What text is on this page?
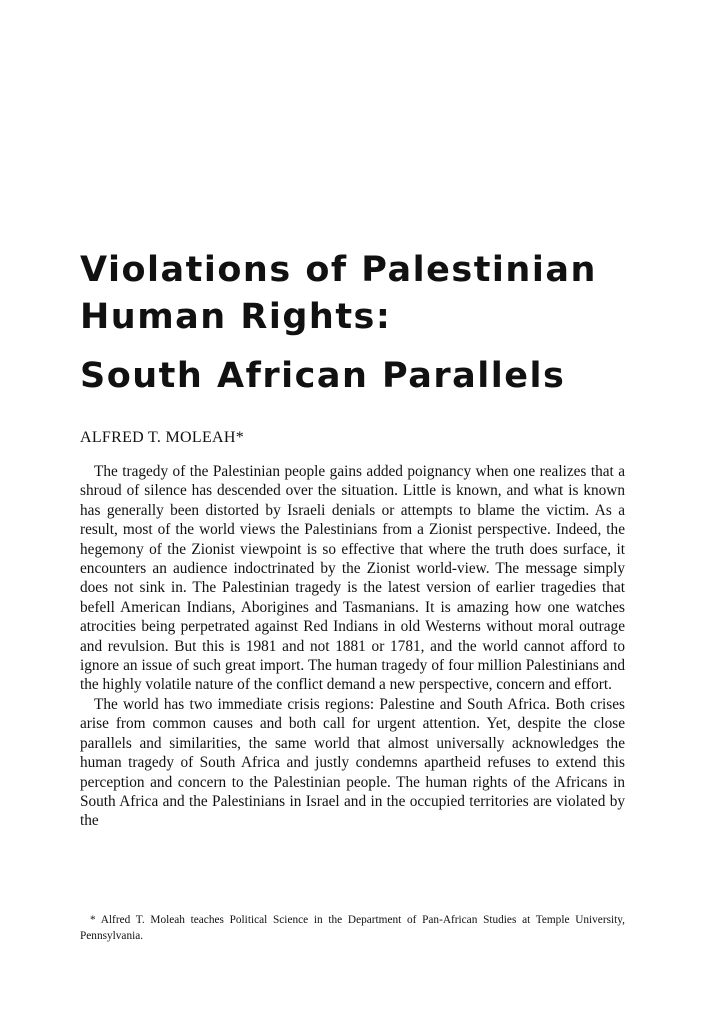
Violations of Palestinian
Human Rights:
South African Parallels
ALFRED T. MOLEAH*

The tragedy of the Palestinian people gains added poignancy when one realizes that a shroud of silence has descended over the situation. Little is known, and what is known has generally been distorted by Israeli denials or attempts to blame the victim. As a result, most of the world views the Palestinians from a Zionist perspective. Indeed, the hegemony of the Zionist viewpoint is so effective that where the truth does surface, it encounters an audience indoctrinated by the Zionist world-view. The message simply does not sink in. The Palestinian tragedy is the latest version of earlier tragedies that befell American Indians, Aborigines and Tasmanians. It is amazing how one watches atrocities being perpetrated against Red Indians in old Westerns without moral outrage and revulsion. But this is 1981 and not 1881 or 1781, and the world cannot afford to ignore an issue of such great import. The human tragedy of four million Palestinians and the highly volatile nature of the conflict demand a new perspective, concern and effort.

The world has two immediate crisis regions: Palestine and South Africa. Both crises arise from common causes and both call for urgent attention. Yet, despite the close parallels and similarities, the same world that almost universally acknowledges the human tragedy of South Africa and justly condemns apartheid refuses to extend this perception and concern to the Palestinian people. The human rights of the Africans in South Africa and the Palestinians in Israel and in the occupied territories are violated by the

* Alfred T. Moleah teaches Political Science in the Department of Pan-African Studies at Temple University, Pennsylvania.
